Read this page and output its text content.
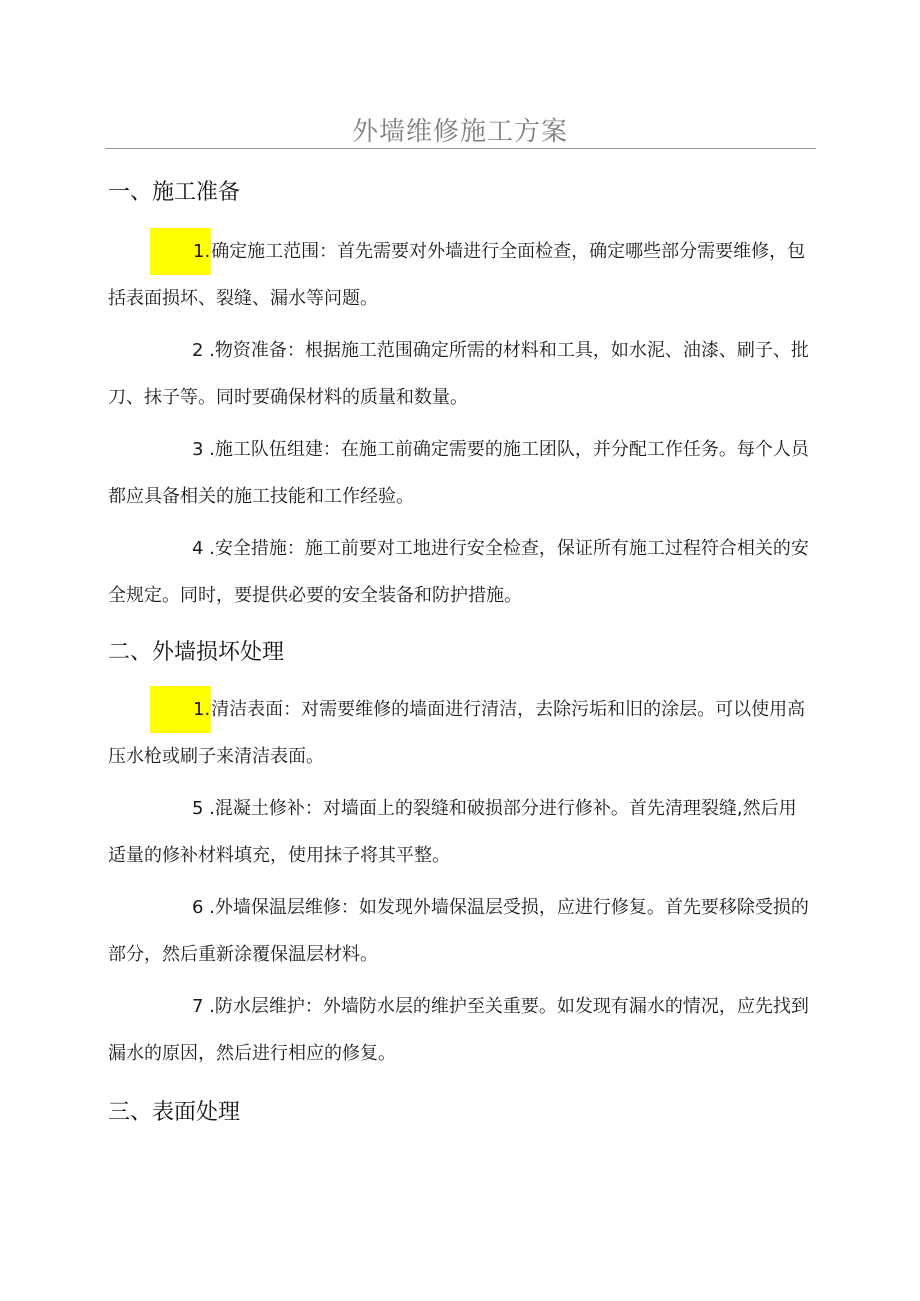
外墙维修施工方案
一、施工准备
1.确定施工范围：首先需要对外墙进行全面检查，确定哪些部分需要维修，包括表面损坏、裂缝、漏水等问题。
2 .物资准备：根据施工范围确定所需的材料和工具，如水泥、油漆、刷子、批刀、抹子等。同时要确保材料的质量和数量。
3 .施工队伍组建：在施工前确定需要的施工团队，并分配工作任务。每个人员都应具备相关的施工技能和工作经验。
4 .安全措施：施工前要对工地进行安全检查，保证所有施工过程符合相关的安全规定。同时，要提供必要的安全装备和防护措施。
二、外墙损坏处理
1.清洁表面：对需要维修的墙面进行清洁，去除污垢和旧的涂层。可以使用高压水枪或刷子来清洁表面。
5 .混凝土修补：对墙面上的裂缝和破损部分进行修补。首先清理裂缝,然后用适量的修补材料填充，使用抹子将其平整。
6 .外墙保温层维修：如发现外墙保温层受损，应进行修复。首先要移除受损的部分，然后重新涂覆保温层材料。
7 .防水层维护：外墙防水层的维护至关重要。如发现有漏水的情况，应先找到漏水的原因，然后进行相应的修复。
三、表面处理
